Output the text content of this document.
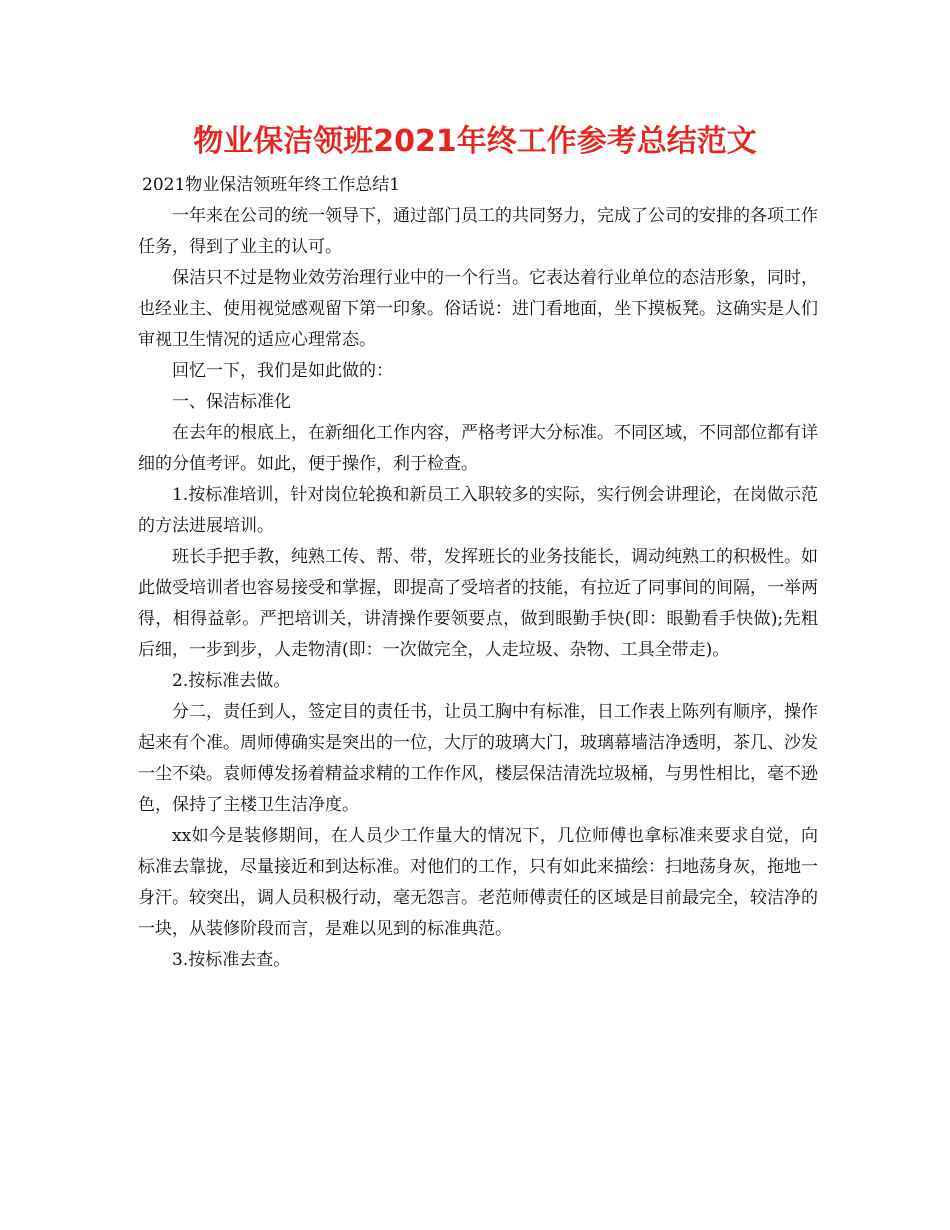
物业保洁领班2021年终工作参考总结范文

2021物业保洁领班年终工作总结1

一年来在公司的统一领导下，通过部门员工的共同努力，完成了公司的安排的各项工作任务，得到了业主的认可。

保洁只不过是物业效劳治理行业中的一个行当。它表达着行业单位的态洁形象，同时，也经业主、使用视觉感观留下第一印象。俗话说：进门看地面，坐下摸板凳。这确实是人们审视卫生情况的适应心理常态。

回忆一下，我们是如此做的：

一、保洁标准化

在去年的根底上，在新细化工作内容，严格考评大分标准。不同区域，不同部位都有详细的分值考评。如此，便于操作，利于检查。

1.按标准培训，针对岗位轮换和新员工入职较多的实际，实行例会讲理论，在岗做示范的方法进展培训。

班长手把手教，纯熟工传、帮、带，发挥班长的业务技能长，调动纯熟工的积极性。如此做受培训者也容易接受和掌握，即提高了受培者的技能，有拉近了同事间的间隔，一举两得，相得益彰。严把培训关，讲清操作要领要点，做到眼勤手快(即：眼勤看手快做);先粗后细，一步到步，人走物清(即：一次做完全，人走垃圾、杂物、工具全带走)。

2.按标准去做。

分二，责任到人，签定目的责任书，让员工胸中有标准，日工作表上陈列有顺序，操作起来有个准。周师傅确实是突出的一位，大厅的玻璃大门，玻璃幕墙洁净透明，茶几、沙发一尘不染。袁师傅发扬着精益求精的工作作风，楼层保洁清洗垃圾桶，与男性相比，毫不逊色，保持了主楼卫生洁净度。

xx如今是装修期间，在人员少工作量大的情况下，几位师傅也拿标准来要求自觉，向标准去靠拢，尽量接近和到达标准。对他们的工作，只有如此来描绘：扫地荡身灰，拖地一身汗。较突出，调人员积极行动，毫无怨言。老范师傅责任的区域是目前最完全，较洁净的一块，从装修阶段而言，是难以见到的标准典范。

3.按标准去查。
